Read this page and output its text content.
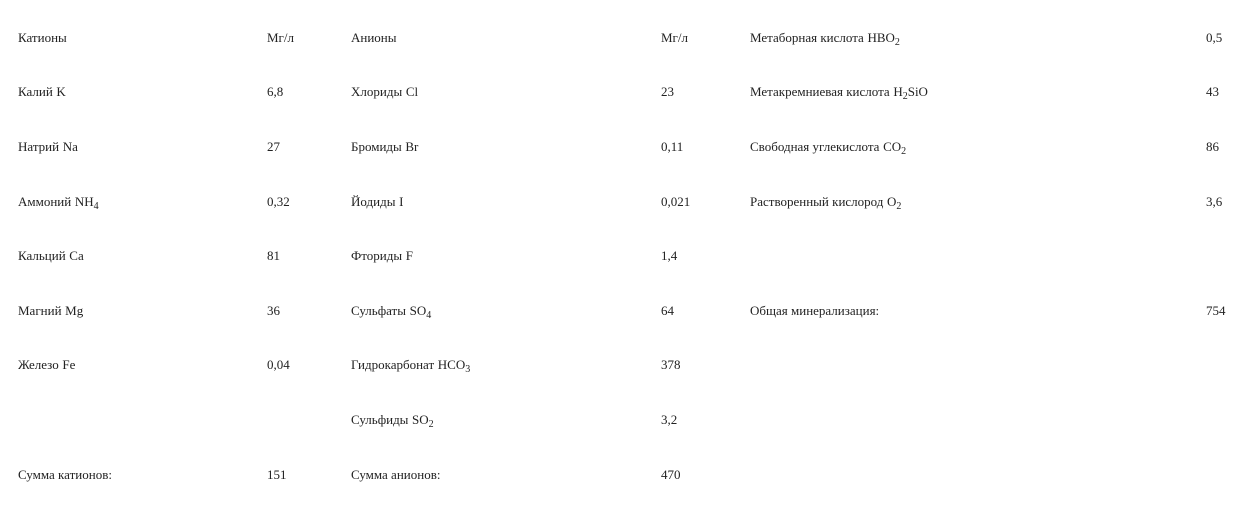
Катионы	Мг/л	Анионы	Мг/л	Метаборная кислота $HBO_2$	0,5
Калий K	6,8	Хлориды Cl	23	Метакремниевая кислота $H_2SiO$	43
Натрий Na	27	Бромиды Br	0,11	Свободная углекислота $CO_2$	86
Аммоний $NH_4$	0,32	Йодиды I	0,021	Растворенный кислород $O_2$	3,6
Кальций Ca	81	Фториды F	1,4		
Магний Mg	36	Сульфаты $SO_4$	64	Общая минерализация:	754
Железо Fe	0,04	Гидрокарбонат $HCO_3$	378		
		Сульфиды $SO_2$	3,2		
Сумма катионов:	151	Сумма анионов:	470		
